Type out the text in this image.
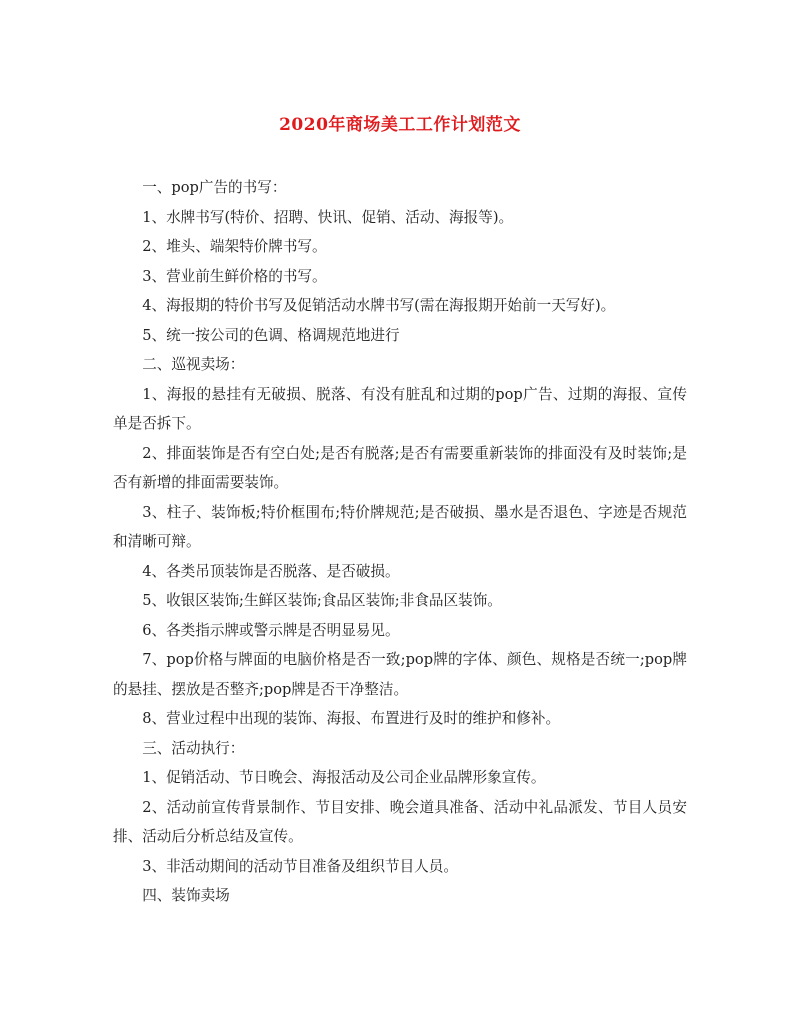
2020年商场美工工作计划范文

一、pop广告的书写：

1、水牌书写(特价、招聘、快讯、促销、活动、海报等)。

2、堆头、端架特价牌书写。

3、营业前生鲜价格的书写。

4、海报期的特价书写及促销活动水牌书写(需在海报期开始前一天写好)。

5、统一按公司的色调、格调规范地进行

二、巡视卖场：

1、海报的悬挂有无破损、脱落、有没有脏乱和过期的pop广告、过期的海报、宣传单是否拆下。

2、排面装饰是否有空白处;是否有脱落;是否有需要重新装饰的排面没有及时装饰;是否有新增的排面需要装饰。

3、柱子、装饰板;特价框围布;特价牌规范;是否破损、墨水是否退色、字迹是否规范和清晰可辩。

4、各类吊顶装饰是否脱落、是否破损。

5、收银区装饰;生鲜区装饰;食品区装饰;非食品区装饰。

6、各类指示牌或警示牌是否明显易见。

7、pop价格与牌面的电脑价格是否一致;pop牌的字体、颜色、规格是否统一;pop牌的悬挂、摆放是否整齐;pop牌是否干净整洁。

8、营业过程中出现的装饰、海报、布置进行及时的维护和修补。

三、活动执行：

1、促销活动、节日晚会、海报活动及公司企业品牌形象宣传。

2、活动前宣传背景制作、节目安排、晚会道具准备、活动中礼品派发、节目人员安排、活动后分析总结及宣传。

3、非活动期间的活动节目准备及组织节目人员。

四、装饰卖场
